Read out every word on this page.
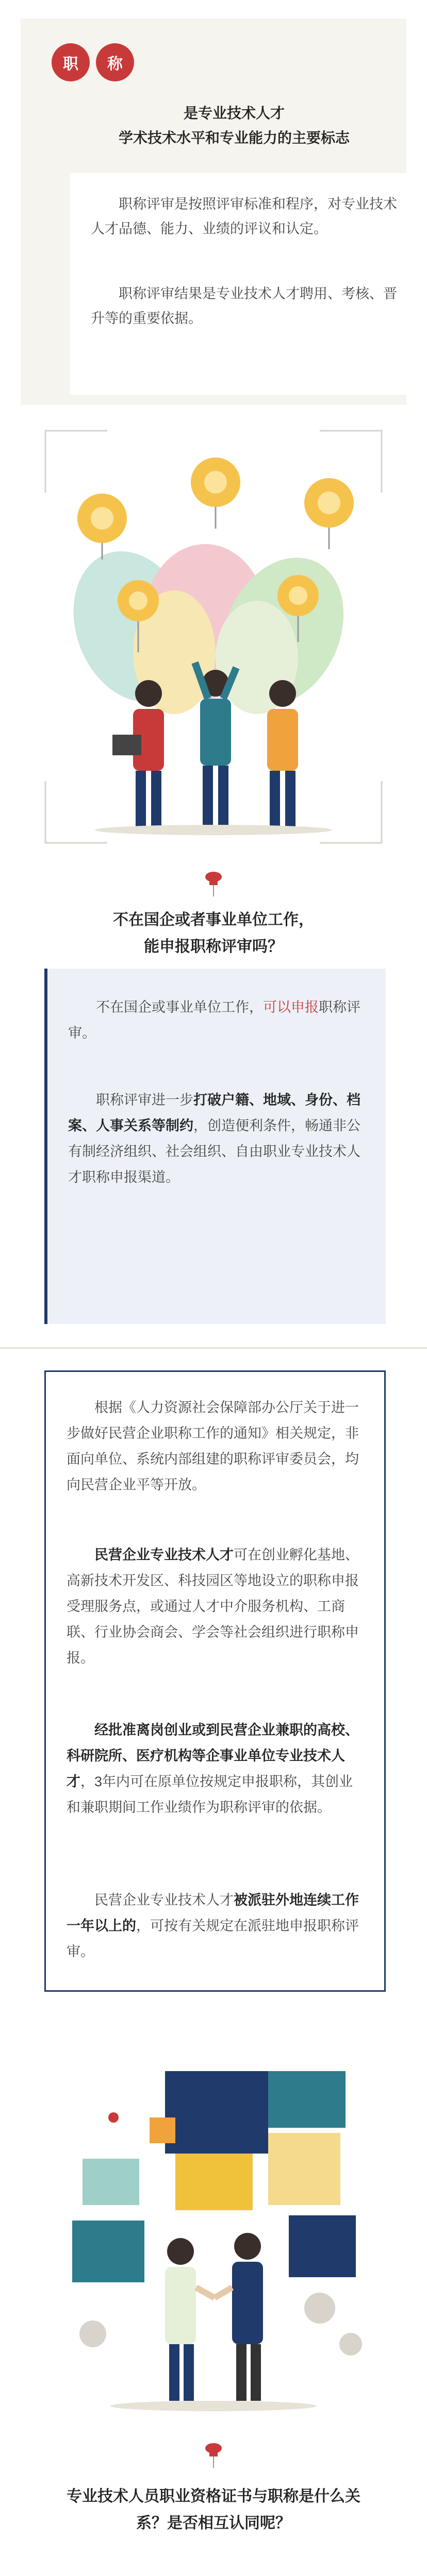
职	称
是专业技术人才
学术技术水平和专业能力的主要标志
职称评审是按照评审标准和程序，对专业技术人才品德、能力、业绩的评议和认定。
职称评审结果是专业技术人才聘用、考核、晋升等的重要依据。
不在国企或者事业单位工作，
能申报职称评审吗？
不在国企或事业单位工作，可以申报职称评审。
职称评审进一步打破户籍、地域、身份、档案、人事关系等制约，创造便利条件，畅通非公有制经济组织、社会组织、自由职业专业技术人才职称申报渠道。
根据《人力资源社会保障部办公厅关于进一步做好民营企业职称工作的通知》相关规定，非面向单位、系统内部组建的职称评审委员会，均向民营企业平等开放。
民营企业专业技术人才可在创业孵化基地、高新技术开发区、科技园区等地设立的职称申报受理服务点，或通过人才中介服务机构、工商联、行业协会商会、学会等社会组织进行职称申报。
经批准离岗创业或到民营企业兼职的高校、科研院所、医疗机构等企事业单位专业技术人才，3年内可在原单位按规定申报职称，其创业和兼职期间工作业绩作为职称评审的依据。
民营企业专业技术人才被派驻外地连续工作一年以上的，可按有关规定在派驻地申报职称评审。
专业技术人员职业资格证书与职称是什么关
系？是否相互认同呢？
